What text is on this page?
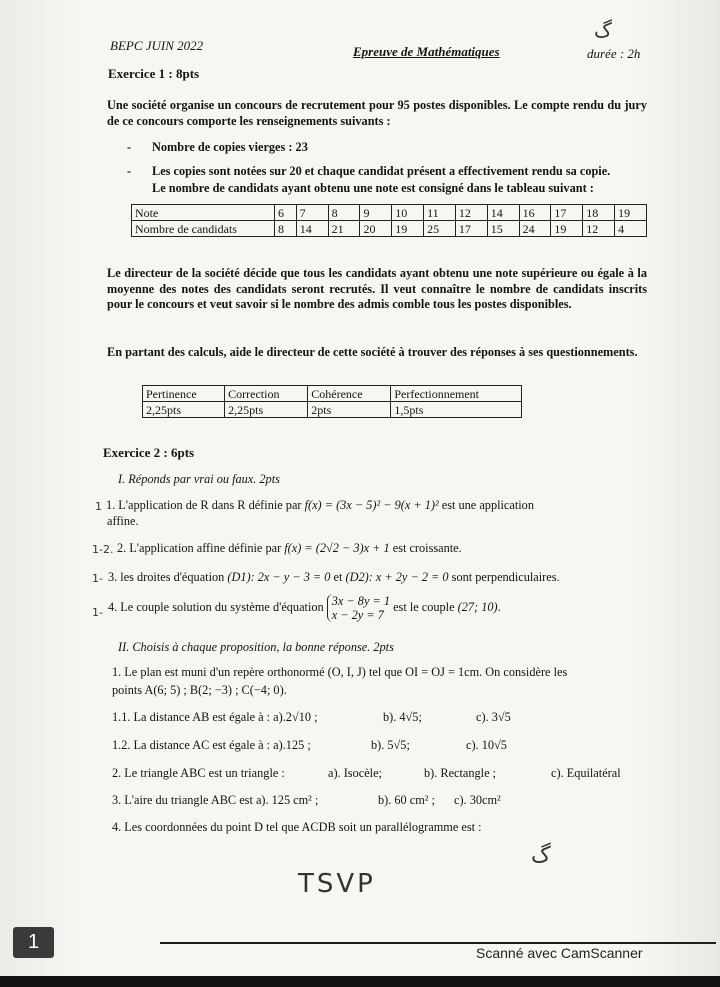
BEPC JUIN 2022	Epreuve de Mathématiques	durée : 2h
ﮒ
Exercice 1 : 8pts
Une société organise un concours de recrutement pour 95 postes disponibles. Le compte rendu du jury de ce concours comporte les renseignements suivants :
- Nombre de copies vierges : 23
- Les copies sont notées sur 20 et chaque candidat présent a effectivement rendu sa copie.
Le nombre de candidats ayant obtenu une note est consigné dans le tableau suivant :
Note	6	7	8	9	10	11	12	14	16	17	18	19
Nombre de candidats	8	14	21	20	19	25	17	15	24	19	12	4
Le directeur de la société décide que tous les candidats ayant obtenu une note supérieure ou égale à la moyenne des notes des candidats seront recrutés. Il veut connaître le nombre de candidats inscrits pour le concours et veut savoir si le nombre des admis comble tous les postes disponibles.
En partant des calculs, aide le directeur de cette société à trouver des réponses à ses questionnements.
Pertinence	Correction	Cohérence	Perfectionnement
2,25pts	2,25pts	2pts	1,5pts
Exercice 2 : 6pts
I. Réponds par vrai ou faux. 2pts
1 1. L'application de R dans R définie par f(x) = (3x − 5)² − 9(x + 1)² est une application
affine.
1-2. 2. L'application affine définie par f(x) = (2√2 − 3)x + 1 est croissante.
1- 3. les droites d'équation (D1): 2x − y − 3 = 0 et (D2): x + 2y − 2 = 0 sont perpendiculaires.
1- 4. Le couple solution du système d'équation 3x − 8y = 1
x − 2y = 7 est le couple (27; 10).
II. Choisis à chaque proposition, la bonne réponse. 2pts
1. Le plan est muni d'un repère orthonormé (O, I, J) tel que OI = OJ = 1cm. On considère les
points A(6; 5) ; B(2; −3) ; C(−4; 0).
1.1. La distance AB est égale à : a).2√10 ;	b). 4√5;	c). 3√5
1.2. La distance AC est égale à : a).125 ;	b). 5√5;	c). 10√5
2. Le triangle ABC est un triangle :	a). Isocèle;	b). Rectangle ;	c). Equilatéral
3. L'aire du triangle ABC est a). 125 cm² ;	b). 60 cm² ; c). 30cm²
4. Les coordonnées du point D tel que ACDB soit un parallélogramme est :
ﮒ
TSVP
1	Scanné avec CamScanner
